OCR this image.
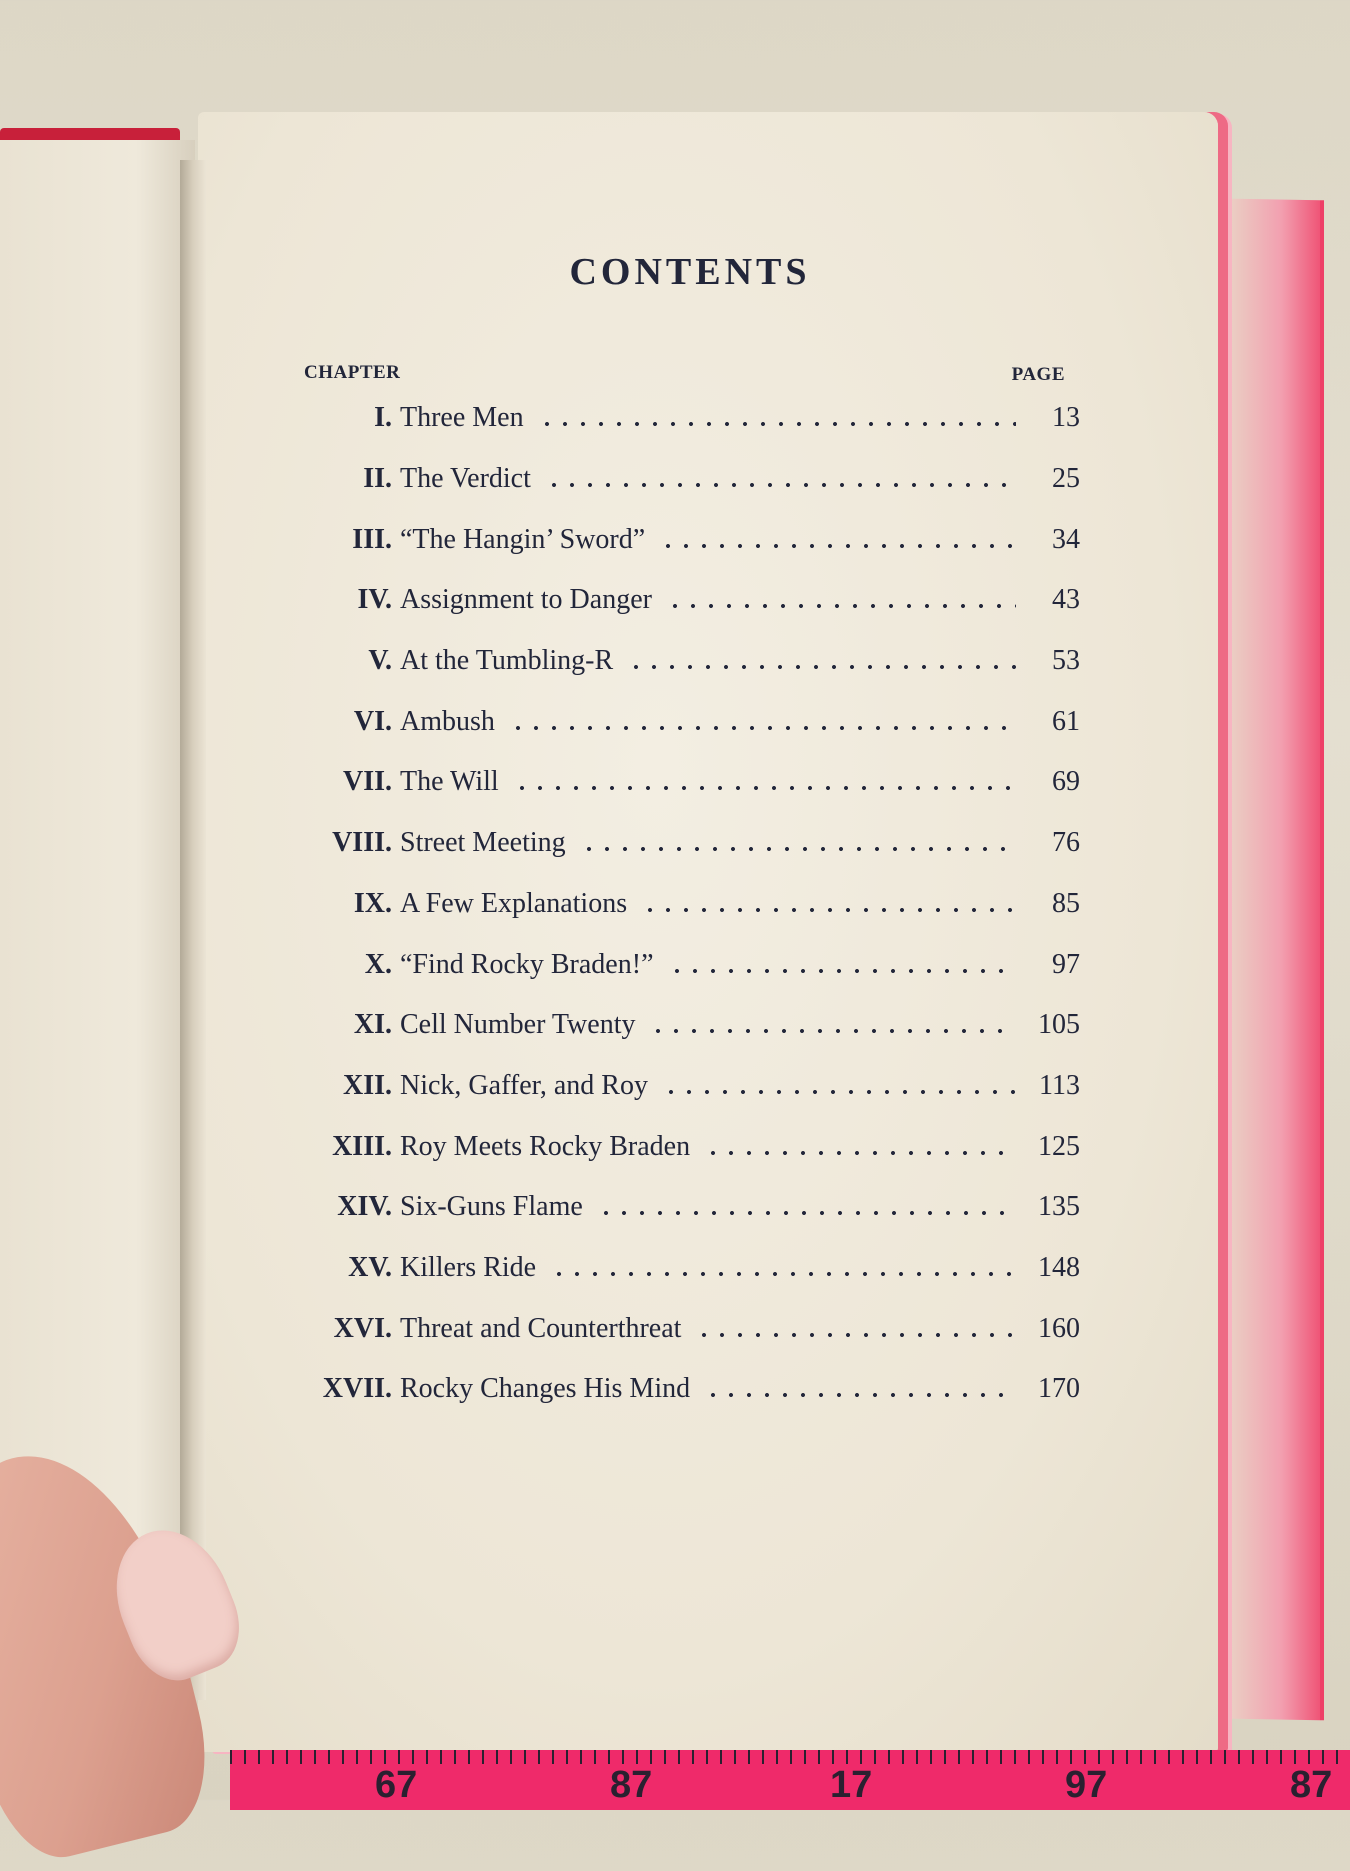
CONTENTS
CHAPTER	PAGE
I. Three Men	13
II. The Verdict	25
III. “The Hangin’ Sword”	34
IV. Assignment to Danger	43
V. At the Tumbling-R	53
VI. Ambush	61
VII. The Will	69
VIII. Street Meeting	76
IX. A Few Explanations	85
X. “Find Rocky Braden!”	97
XI. Cell Number Twenty	105
XII. Nick, Gaffer, and Roy	113
XIII. Roy Meets Rocky Braden	125
XIV. Six-Guns Flame	135
XV. Killers Ride	148
XVI. Threat and Counterthreat	160
XVII. Rocky Changes His Mind	170
67	87	17	97	87
